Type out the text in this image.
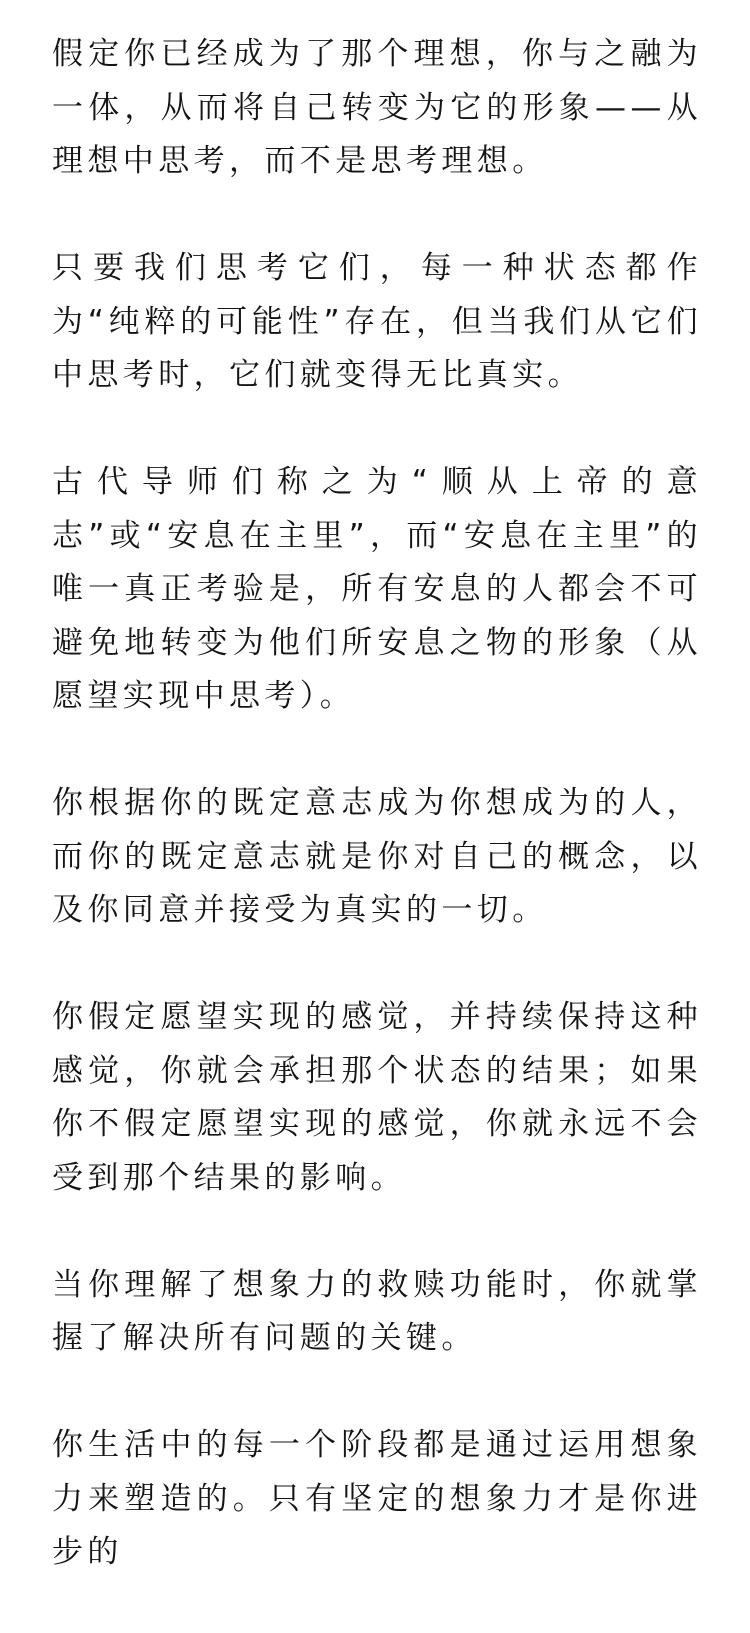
假定你已经成为了那个理想，你与之融为一体，从而将自己转变为它的形象——从理想中思考，而不是思考理想。

只要我们思考它们，每一种状态都作为“纯粹的可能性”存在，但当我们从它们中思考时，它们就变得无比真实。

古代导师们称之为“顺从上帝的意志”或“安息在主里”，而“安息在主里”的唯一真正考验是，所有安息的人都会不可避免地转变为他们所安息之物的形象（从愿望实现中思考）。

你根据你的既定意志成为你想成为的人，而你的既定意志就是你对自己的概念，以及你同意并接受为真实的一切。

你假定愿望实现的感觉，并持续保持这种感觉，你就会承担那个状态的结果；如果你不假定愿望实现的感觉，你就永远不会受到那个结果的影响。

当你理解了想象力的救赎功能时，你就掌握了解决所有问题的关键。

你生活中的每一个阶段都是通过运用想象力来塑造的。只有坚定的想象力才是你进步的
